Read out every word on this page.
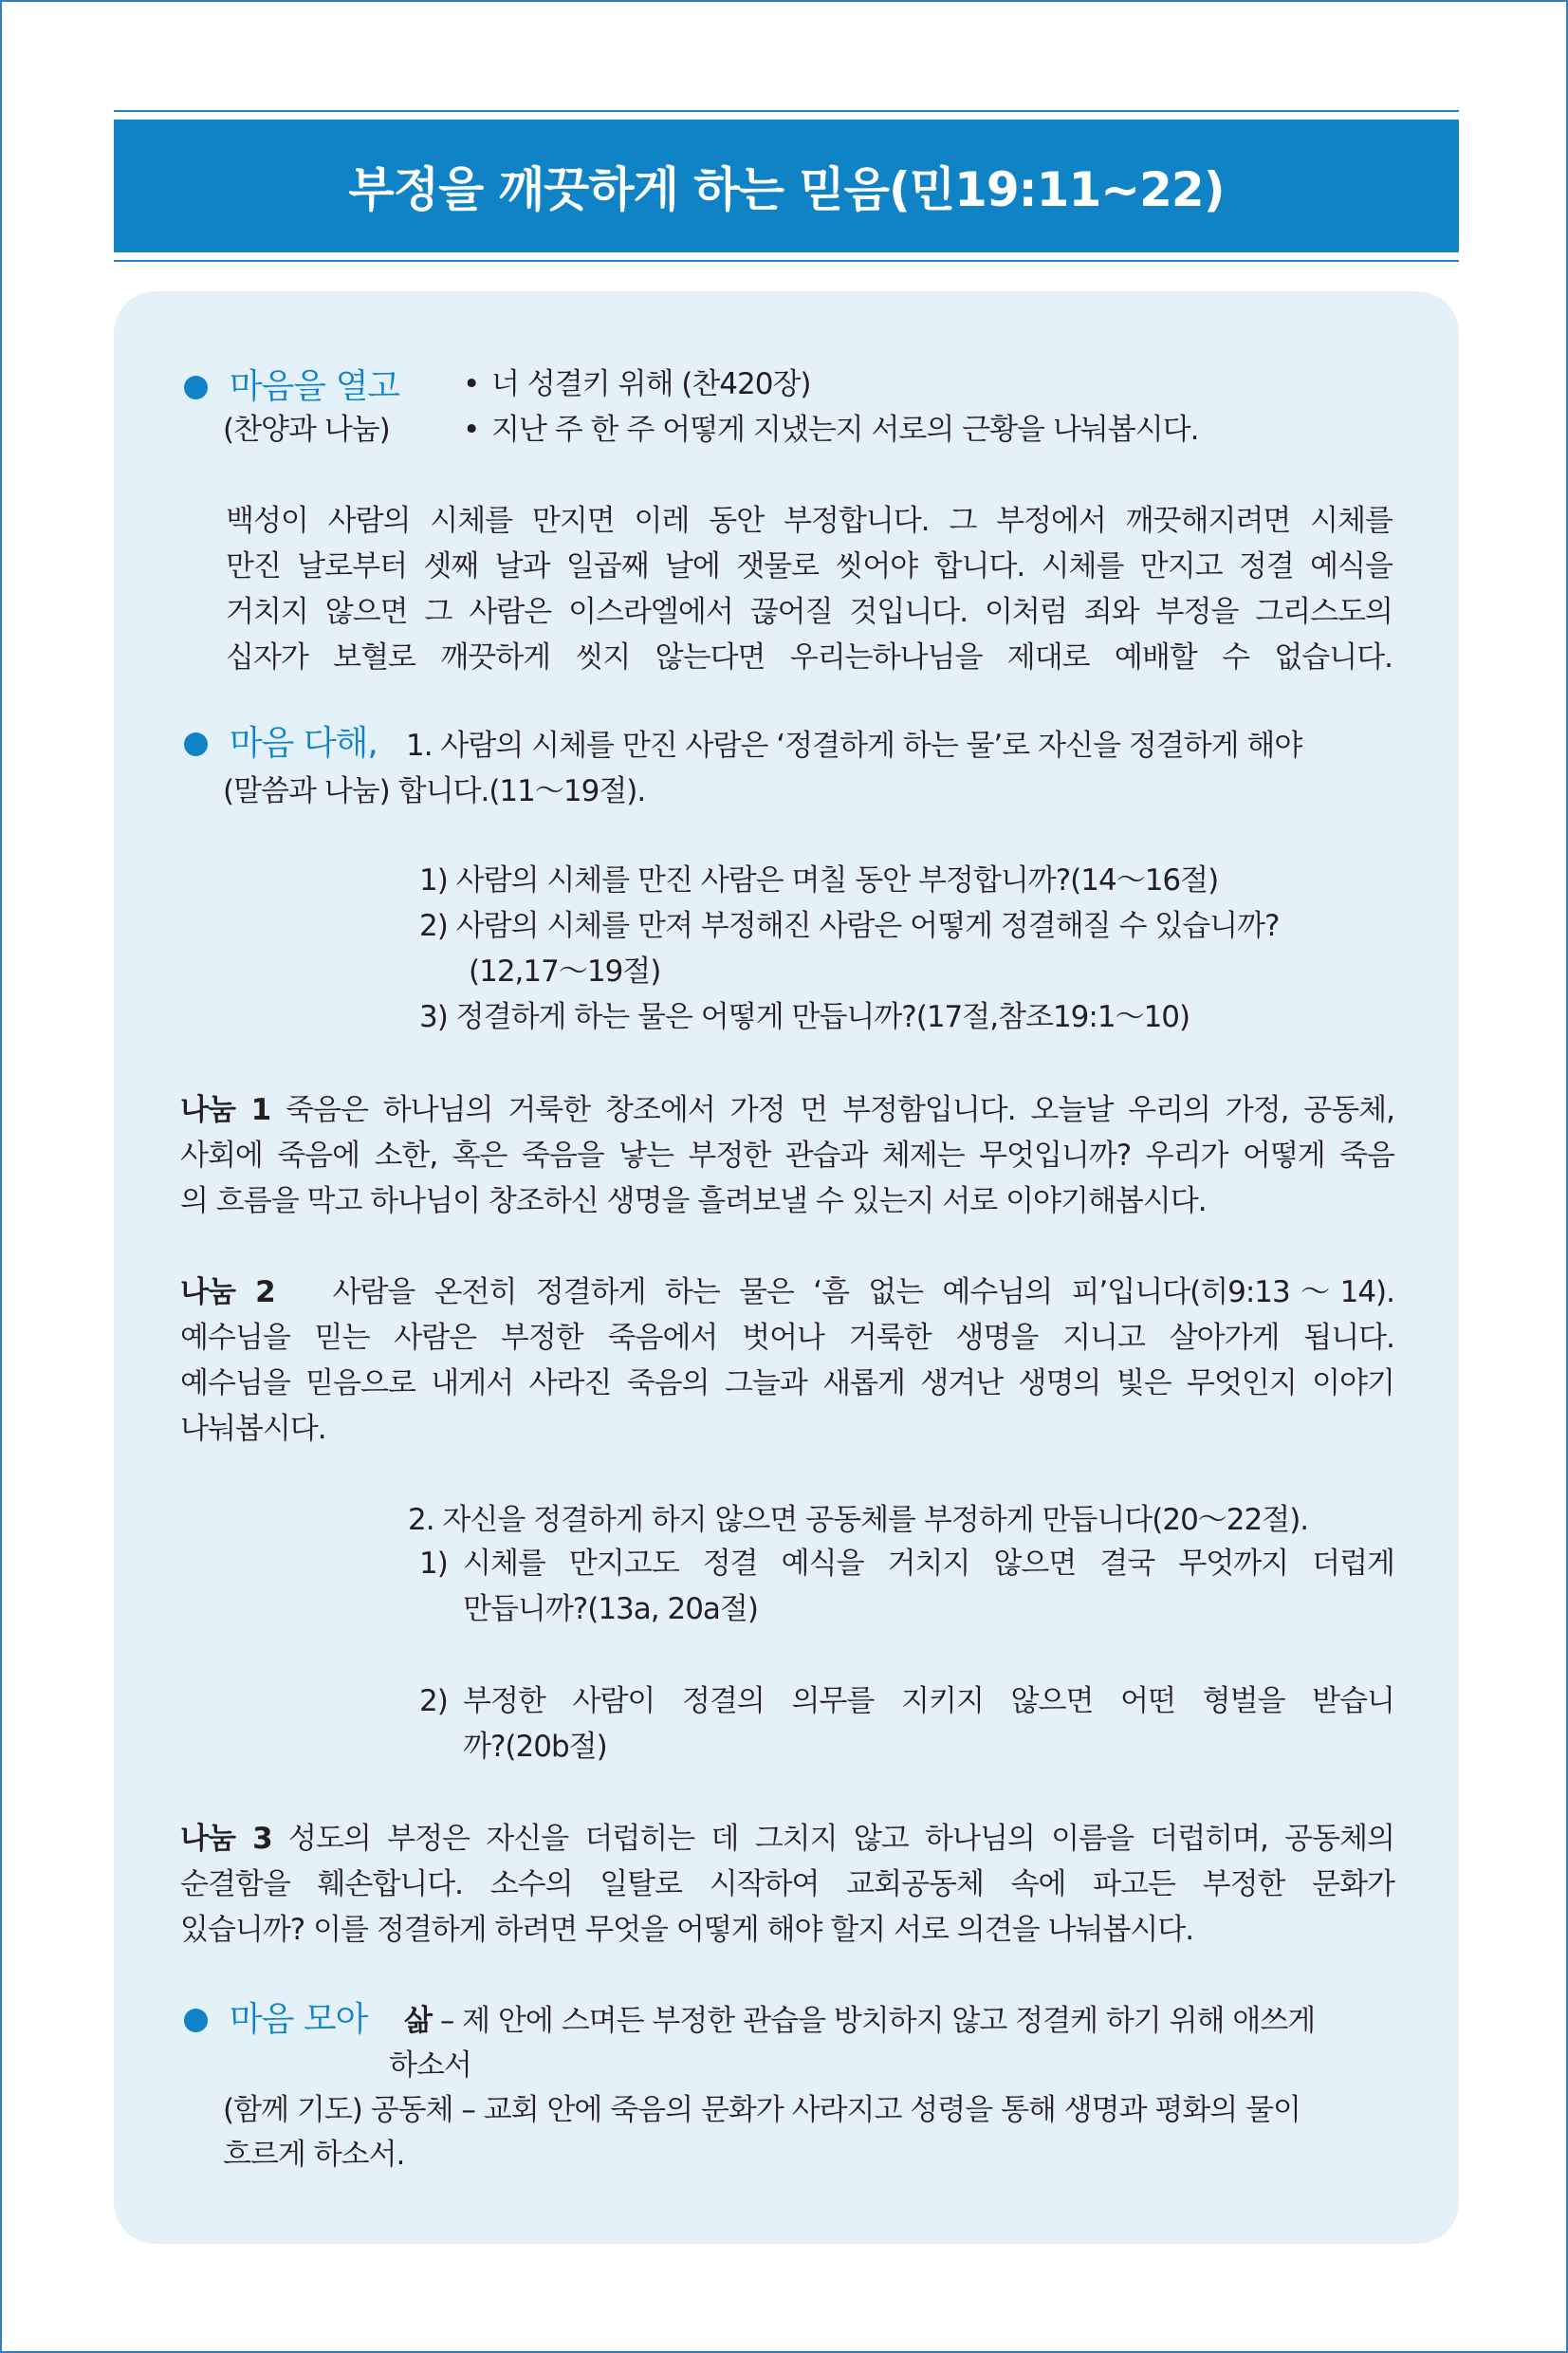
부정을 깨끗하게 하는 믿음(민19:11~22)
마음을 열고
(찬양과 나눔)
• 너 성결키 위해 (찬420장)
• 지난 주 한 주 어떻게 지냈는지 서로의 근황을 나눠봅시다.
백성이 사람의 시체를 만지면 이레 동안 부정합니다. 그 부정에서 깨끗해지려면 시체를
만진 날로부터 셋째 날과 일곱째 날에 잿물로 씻어야 합니다. 시체를 만지고 정결 예식을
거치지 않으면 그 사람은 이스라엘에서 끊어질 것입니다. 이처럼 죄와 부정을 그리스도의
십자가 보혈로 깨끗하게 씻지 않는다면 우리는하나님을 제대로 예배할 수 없습니다.
마음 다해, 1. 사람의 시체를 만진 사람은 ‘정결하게 하는 물’로 자신을 정결하게 해야
(말씀과 나눔) 합니다.(11～19절).
1) 사람의 시체를 만진 사람은 며칠 동안 부정합니까?(14～16절)
2) 사람의 시체를 만져 부정해진 사람은 어떻게 정결해질 수 있습니까?
(12,17～19절)
3) 정결하게 하는 물은 어떻게 만듭니까?(17절,참조19:1～10)
나눔 1 죽음은 하나님의 거룩한 창조에서 가정 먼 부정함입니다. 오늘날 우리의 가정, 공동체,
사회에 죽음에 소한, 혹은 죽음을 낳는 부정한 관습과 체제는 무엇입니까? 우리가 어떻게 죽음
의 흐름을 막고 하나님이 창조하신 생명을 흘려보낼 수 있는지 서로 이야기해봅시다.
나눔 2 사람을 온전히 정결하게 하는 물은 ‘흠 없는 예수님의 피’입니다(히9:13～14).
예수님을 믿는 사람은 부정한 죽음에서 벗어나 거룩한 생명을 지니고 살아가게 됩니다.
예수님을 믿음으로 내게서 사라진 죽음의 그늘과 새롭게 생겨난 생명의 빛은 무엇인지 이야기
나눠봅시다.
2. 자신을 정결하게 하지 않으면 공동체를 부정하게 만듭니다(20～22절).
1) 시체를 만지고도 정결 예식을 거치지 않으면 결국 무엇까지 더럽게
만듭니까?(13a, 20a절)
2) 부정한 사람이 정결의 의무를 지키지 않으면 어떤 형벌을 받습니
까?(20b절)
나눔 3 성도의 부정은 자신을 더럽히는 데 그치지 않고 하나님의 이름을 더럽히며, 공동체의
순결함을 훼손합니다. 소수의 일탈로 시작하여 교회공동체 속에 파고든 부정한 문화가
있습니까? 이를 정결하게 하려면 무엇을 어떻게 해야 할지 서로 의견을 나눠봅시다.
마음 모아 삶 – 제 안에 스며든 부정한 관습을 방치하지 않고 정결케 하기 위해 애쓰게
하소서
(함께 기도) 공동체 – 교회 안에 죽음의 문화가 사라지고 성령을 통해 생명과 평화의 물이
흐르게 하소서.
